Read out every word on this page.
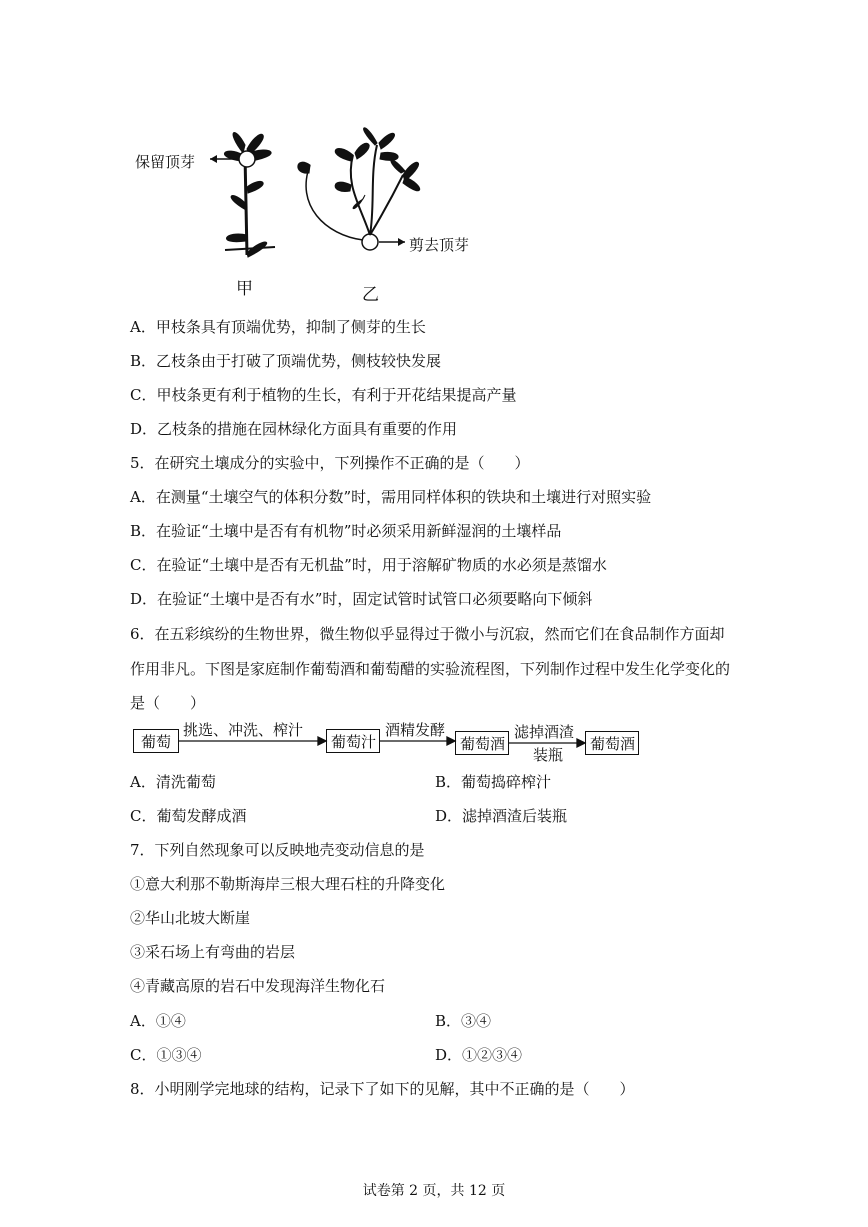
保留顶芽
剪去顶芽
甲	乙
A．甲枝条具有顶端优势，抑制了侧芽的生长
B．乙枝条由于打破了顶端优势，侧枝较快发展
C．甲枝条更有利于植物的生长，有利于开花结果提高产量
D．乙枝条的措施在园林绿化方面具有重要的作用
5．在研究土壤成分的实验中，下列操作不正确的是（　　）
A．在测量“土壤空气的体积分数”时，需用同样体积的铁块和土壤进行对照实验
B．在验证“土壤中是否有有机物”时必须采用新鲜湿润的土壤样品
C．在验证“土壤中是否有无机盐”时，用于溶解矿物质的水必须是蒸馏水
D．在验证“土壤中是否有水”时，固定试管时试管口必须要略向下倾斜
6．在五彩缤纷的生物世界，微生物似乎显得过于微小与沉寂，然而它们在食品制作方面却
作用非凡。下图是家庭制作葡萄酒和葡萄醋的实验流程图，下列制作过程中发生化学变化的
是（　　）
葡萄
挑选、冲洗、榨汁
葡萄汁
酒精发酵
葡萄酒
滤掉酒渣
装瓶
葡萄酒
A．清洗葡萄	B．葡萄捣碎榨汁
C．葡萄发酵成酒	D．滤掉酒渣后装瓶
7．下列自然现象可以反映地壳变动信息的是
①意大利那不勒斯海岸三根大理石柱的升降变化
②华山北坡大断崖
③采石场上有弯曲的岩层
④青藏高原的岩石中发现海洋生物化石
A．①④	B．③④
C．①③④	D．①②③④
8．小明刚学完地球的结构，记录下了如下的见解，其中不正确的是（　　）
试卷第 2 页，共 12 页
